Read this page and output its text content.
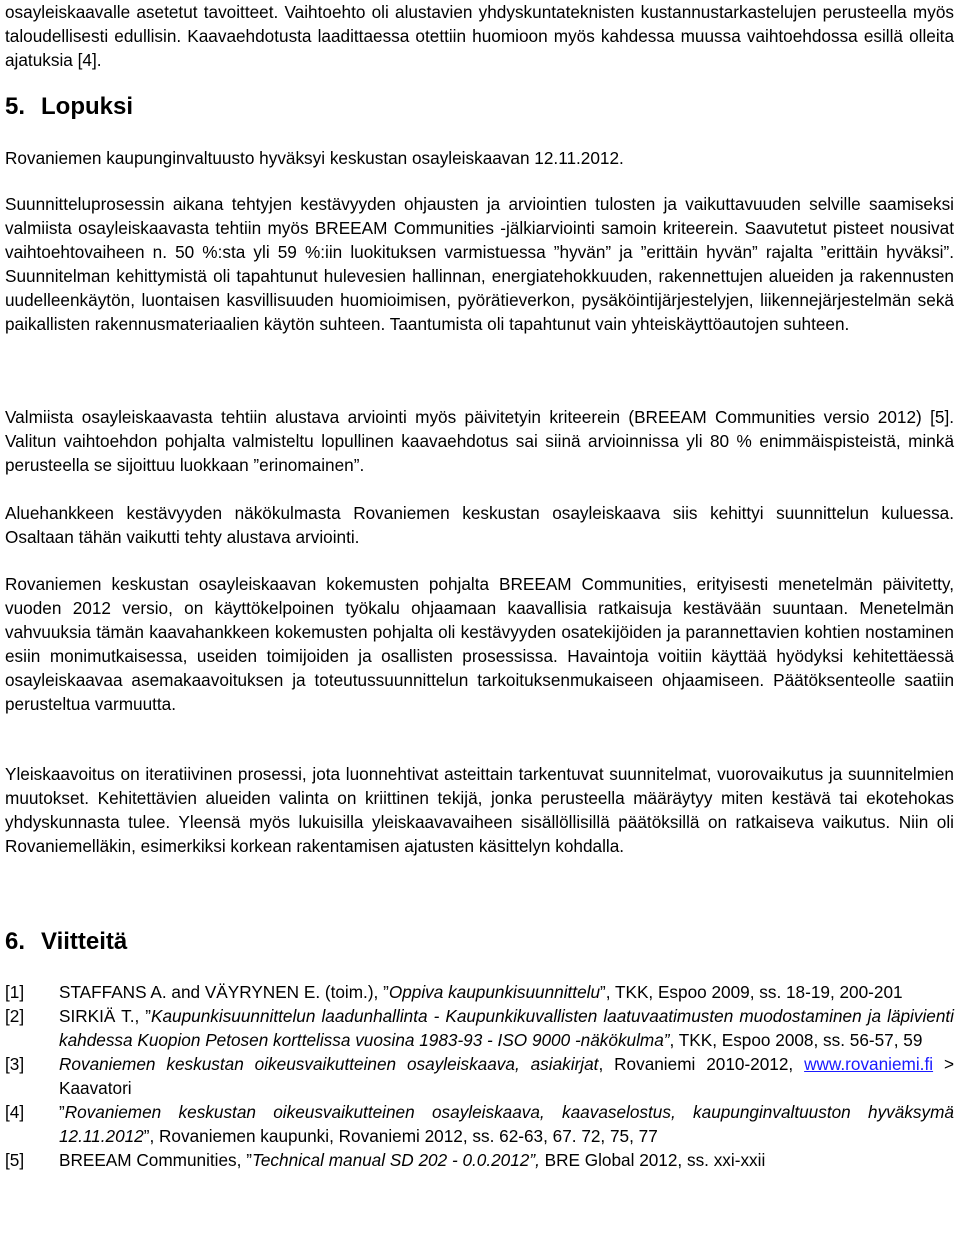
osayleiskaavalle asetetut tavoitteet. Vaihtoehto oli alustavien yhdyskuntateknisten kustannustarkastelujen perusteella myös taloudellisesti edullisin. Kaavaehdotusta laadittaessa otettiin huomioon myös kahdessa muussa vaihtoehdossa esillä olleita ajatuksia [4].

5. Lopuksi

Rovaniemen kaupunginvaltuusto hyväksyi keskustan osayleiskaavan 12.11.2012.

Suunnitteluprosessin aikana tehtyjen kestävyyden ohjausten ja arviointien tulosten ja vaikuttavuuden selville saamiseksi valmiista osayleiskaavasta tehtiin myös BREEAM Communities -jälkiarviointi samoin kriteerein. Saavutetut pisteet nousivat vaihtoehtovaiheen n. 50 %:sta yli 59 %:iin luokituksen varmistuessa ”hyvän” ja ”erittäin hyvän” rajalta ”erittäin hyväksi”. Suunnitelman kehittymistä oli tapahtunut hulevesien hallinnan, energiatehokkuuden, rakennettujen alueiden ja rakennusten uudelleenkäytön, luontaisen kasvillisuuden huomioimisen, pyörätieverkon, pysäköintijärjestelyjen, liikennejärjestelmän sekä paikallisten rakennusmateriaalien käytön suhteen. Taantumista oli tapahtunut vain yhteiskäyttöautojen suhteen.

Valmiista osayleiskaavasta tehtiin alustava arviointi myös päivitetyin kriteerein (BREEAM Communities versio 2012) [5]. Valitun vaihtoehdon pohjalta valmisteltu lopullinen kaavaehdotus sai siinä arvioinnissa yli 80 % enimmäispisteistä, minkä perusteella se sijoittuu luokkaan ”erinomainen”.

Aluehankkeen kestävyyden näkökulmasta Rovaniemen keskustan osayleiskaava siis kehittyi suunnittelun kuluessa. Osaltaan tähän vaikutti tehty alustava arviointi.

Rovaniemen keskustan osayleiskaavan kokemusten pohjalta BREEAM Communities, erityisesti menetelmän päivitetty, vuoden 2012 versio, on käyttökelpoinen työkalu ohjaamaan kaavallisia ratkaisuja kestävään suuntaan. Menetelmän vahvuuksia tämän kaavahankkeen kokemusten pohjalta oli kestävyyden osatekijöiden ja parannettavien kohtien nostaminen esiin monimutkaisessa, useiden toimijoiden ja osallisten prosessissa. Havaintoja voitiin käyttää hyödyksi kehitettäessä osayleiskaavaa asemakaavoituksen ja toteutussuunnittelun tarkoituksenmukaiseen ohjaamiseen. Päätöksenteolle saatiin perusteltua varmuutta.

Yleiskaavoitus on iteratiivinen prosessi, jota luonnehtivat asteittain tarkentuvat suunnitelmat, vuorovaikutus ja suunnitelmien muutokset. Kehitettävien alueiden valinta on kriittinen tekijä, jonka perusteella määräytyy miten kestävä tai ekotehokas yhdyskunnasta tulee. Yleensä myös lukuisilla yleiskaavavaiheen sisällöllisillä päätöksillä on ratkaiseva vaikutus. Niin oli Rovaniemelläkin, esimerkiksi korkean rakentamisen ajatusten käsittelyn kohdalla.

6. Viitteitä
[1]	STAFFANS A. and VÄYRYNEN E. (toim.), ”Oppiva kaupunkisuunnittelu”, TKK, Espoo 2009, ss. 18-19, 200-201
[2]	SIRKIÄ T., ”Kaupunkisuunnittelun laadunhallinta - Kaupunkikuvallisten laatuvaatimusten muodostaminen ja läpivienti kahdessa Kuopion Petosen korttelissa vuosina 1983-93 - ISO 9000 -näkökulma”, TKK, Espoo 2008, ss. 56-57, 59
[3]	Rovaniemen keskustan oikeusvaikutteinen osayleiskaava, asiakirjat, Rovaniemi 2010-2012, www.rovaniemi.fi > Kaavatori
[4]	”Rovaniemen keskustan oikeusvaikutteinen osayleiskaava, kaavaselostus, kaupunginvaltuuston hyväksymä 12.11.2012”, Rovaniemen kaupunki, Rovaniemi 2012, ss. 62-63, 67. 72, 75, 77
[5]	BREEAM Communities, ”Technical manual SD 202 - 0.0.2012”, BRE Global 2012, ss. xxi-xxii
